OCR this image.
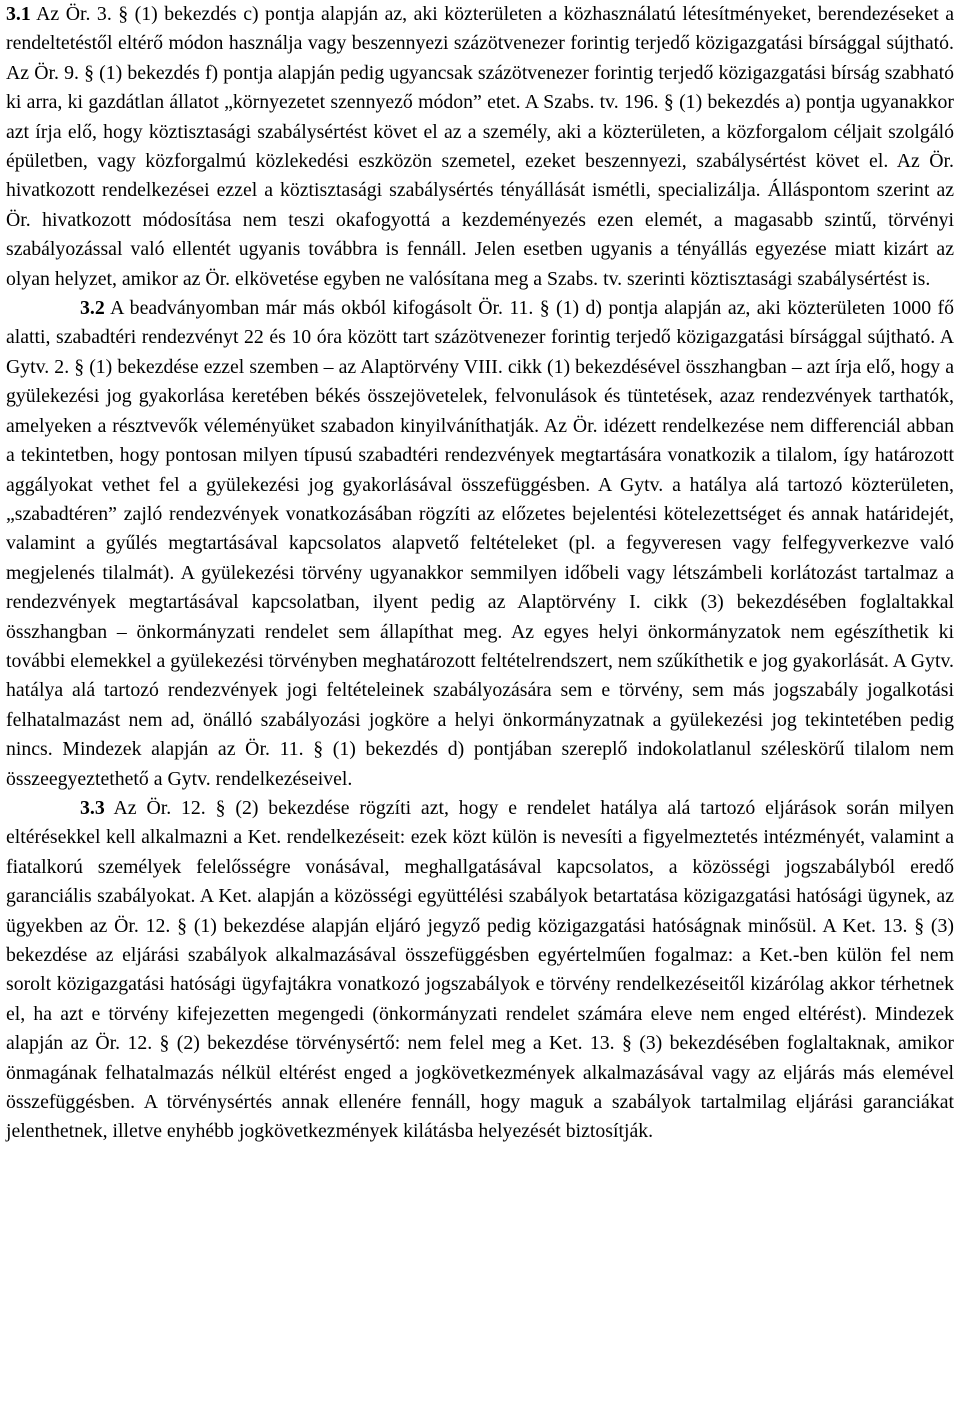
3.1 Az Ör. 3. § (1) bekezdés c) pontja alapján az, aki közterületen a közhasználatú létesítményeket, berendezéseket a rendeltetéstől eltérő módon használja vagy beszennyezi százötvenezer forintig terjedő közigazgatási bírsággal sújtható. Az Ör. 9. § (1) bekezdés f) pontja alapján pedig ugyancsak százötvenezer forintig terjedő közigazgatási bírság szabható ki arra, ki gazdátlan állatot „környezetet szennyező módon” etet. A Szabs. tv. 196. § (1) bekezdés a) pontja ugyanakkor azt írja elő, hogy köztisztasági szabálysértést követ el az a személy, aki a közterületen, a közforgalom céljait szolgáló épületben, vagy közforgalmú közlekedési eszközön szemetel, ezeket beszennyezi, szabálysértést követ el. Az Ör. hivatkozott rendelkezései ezzel a köztisztasági szabálysértés tényállását ismétli, specializálja. Álláspontom szerint az Ör. hivatkozott módosítása nem teszi okafogyottá a kezdeményezés ezen elemét, a magasabb szintű, törvényi szabályozással való ellentét ugyanis továbbra is fennáll. Jelen esetben ugyanis a tényállás egyezése miatt kizárt az olyan helyzet, amikor az Ör. elkövetése egyben ne valósítana meg a Szabs. tv. szerinti köztisztasági szabálysértést is.

3.2 A beadványomban már más okból kifogásolt Ör. 11. § (1) d) pontja alapján az, aki közterületen 1000 fő alatti, szabadtéri rendezvényt 22 és 10 óra között tart százötvenezer forintig terjedő közigazgatási bírsággal sújtható. A Gytv. 2. § (1) bekezdése ezzel szemben – az Alaptörvény VIII. cikk (1) bekezdésével összhangban – azt írja elő, hogy a gyülekezési jog gyakorlása keretében békés összejövetelek, felvonulások és tüntetések, azaz rendezvények tarthatók, amelyeken a résztvevők véleményüket szabadon kinyilváníthatják. Az Ör. idézett rendelkezése nem differenciál abban a tekintetben, hogy pontosan milyen típusú szabadtéri rendezvények megtartására vonatkozik a tilalom, így határozott aggályokat vethet fel a gyülekezési jog gyakorlásával összefüggésben. A Gytv. a hatálya alá tartozó közterületen, „szabadtéren” zajló rendezvények vonatkozásában rögzíti az előzetes bejelentési kötelezettséget és annak határidejét, valamint a gyűlés megtartásával kapcsolatos alapvető feltételeket (pl. a fegyveresen vagy felfegyverkezve való megjelenés tilalmát). A gyülekezési törvény ugyanakkor semmilyen időbeli vagy létszámbeli korlátozást tartalmaz a rendezvények megtartásával kapcsolatban, ilyent pedig az Alaptörvény I. cikk (3) bekezdésében foglaltakkal összhangban – önkormányzati rendelet sem állapíthat meg. Az egyes helyi önkormányzatok nem egészíthetik ki további elemekkel a gyülekezési törvényben meghatározott feltételrendszert, nem szűkíthetik e jog gyakorlását. A Gytv. hatálya alá tartozó rendezvények jogi feltételeinek szabályozására sem e törvény, sem más jogszabály jogalkotási felhatalmazást nem ad, önálló szabályozási jogköre a helyi önkormányzatnak a gyülekezési jog tekintetében pedig nincs. Mindezek alapján az Ör. 11. § (1) bekezdés d) pontjában szereplő indokolatlanul széleskörű tilalom nem összeegyeztethető a Gytv. rendelkezéseivel.

3.3 Az Ör. 12. § (2) bekezdése rögzíti azt, hogy e rendelet hatálya alá tartozó eljárások során milyen eltérésekkel kell alkalmazni a Ket. rendelkezéseit: ezek közt külön is nevesíti a figyelmeztetés intézményét, valamint a fiatalkorú személyek felelősségre vonásával, meghallgatásával kapcsolatos, a közösségi jogszabályból eredő garanciális szabályokat. A Ket. alapján a közösségi együttélési szabályok betartatása közigazgatási hatósági ügynek, az ügyekben az Ör. 12. § (1) bekezdése alapján eljáró jegyző pedig közigazgatási hatóságnak minősül. A Ket. 13. § (3) bekezdése az eljárási szabályok alkalmazásával összefüggésben egyértelműen fogalmaz: a Ket.-ben külön fel nem sorolt közigazgatási hatósági ügyfajtákra vonatkozó jogszabályok e törvény rendelkezéseitől kizárólag akkor térhetnek el, ha azt e törvény kifejezetten megengedi (önkormányzati rendelet számára eleve nem enged eltérést). Mindezek alapján az Ör. 12. § (2) bekezdése törvénysértő: nem felel meg a Ket. 13. § (3) bekezdésében foglaltaknak, amikor önmagának felhatalmazás nélkül eltérést enged a jogkövetkezmények alkalmazásával vagy az eljárás más elemével összefüggésben. A törvénysértés annak ellenére fennáll, hogy maguk a szabályok tartalmilag eljárási garanciákat jelenthetnek, illetve enyhébb jogkövetkezmények kilátásba helyezését biztosítják.
